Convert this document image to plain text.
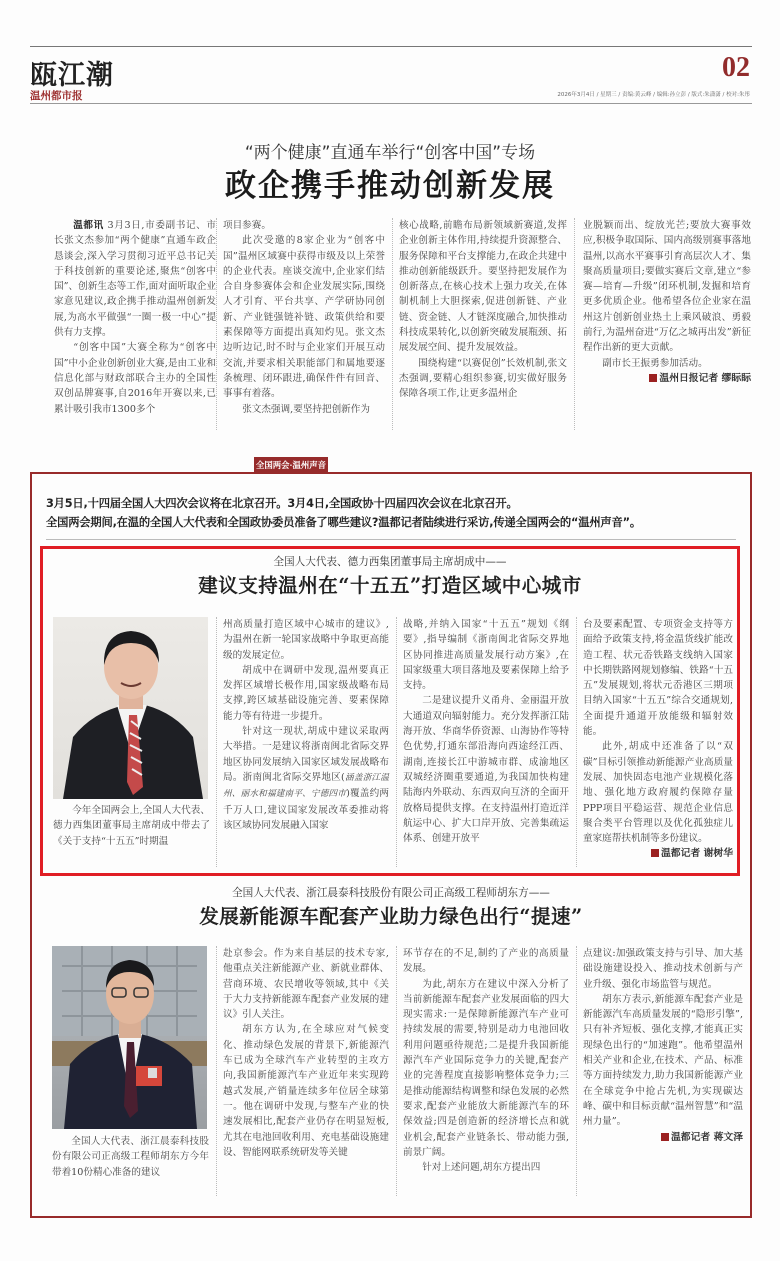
瓯江潮
温州都市报
02
2026年3月4日 / 星期三 / 责编:黄云峰 / 编辑:孙立彭 / 版式:朱潇潇 / 校对:朱彤
“两个健康”直通车举行“创客中国”专场
政企携手推动创新发展

温都讯 3月3日,市委副书记、市长张文杰参加“两个健康”直通车政企恳谈会,深入学习贯彻习近平总书记关于科技创新的重要论述,聚焦“创客中国”、创新生态等工作,面对面听取企业家意见建议,政企携手推动温州创新发展,为高水平做强“一圈一极一中心”提供有力支撑。

“创客中国”大赛全称为“创客中国”中小企业创新创业大赛,是由工业和信息化部与财政部联合主办的全国性双创品牌赛事,自2016年开赛以来,已累计吸引我市1300多个

项目参赛。

此次受邀的8家企业为“创客中国”温州区域赛中获得市级及以上荣誉的企业代表。座谈交流中,企业家们结合自身参赛体会和企业发展实际,围绕人才引育、平台共享、产学研协同创新、产业链强链补链、政策供给和要素保障等方面提出真知灼见。张文杰边听边记,时不时与企业家们开展互动交流,并要求相关职能部门和属地要逐条梳理、闭环跟进,确保件件有回音、事事有着落。

张文杰强调,要坚持把创新作为

核心战略,前瞻布局新领域新赛道,发挥企业创新主体作用,持续提升资源整合、服务保障和平台支撑能力,在政企共建中推动创新能级跃升。要坚持把发展作为创新落点,在核心技术上强力攻关,在体制机制上大胆探索,促进创新链、产业链、资金链、人才链深度融合,加快推动科技成果转化,以创新突破发展瓶颈、拓展发展空间、提升发展效益。

围绕构建“以赛促创”长效机制,张文杰强调,要精心组织参赛,切实做好服务保障各项工作,让更多温州企

业脱颖而出、绽放光芒;要放大赛事效应,积极争取国际、国内高级别赛事落地温州,以高水平赛事引育高层次人才、集聚高质量项目;要做实赛后文章,建立“参赛—培育—升级”闭环机制,发掘和培育更多优质企业。他希望各位企业家在温州这片创新创业热土上乘风破浪、勇毅前行,为温州奋进“万亿之城再出发”新征程作出新的更大贡献。

副市长王振勇参加活动。

温州日报记者 缪眎眎
全国两会·温州声音
3月5日,十四届全国人大四次会议将在北京召开。3月4日,全国政协十四届四次会议在北京召开。
全国两会期间,在温的全国人大代表和全国政协委员准备了哪些建议?温都记者陆续进行采访,传递全国两会的“温州声音”。
全国人大代表、德力西集团董事局主席胡成中——
建议支持温州在“十五五”打造区域中心城市
今年全国两会上,全国人大代表、德力西集团董事局主席胡成中带去了《关于支持“十五五”时期温

州高质量打造区域中心城市的建议》,为温州在新一轮国家战略中争取更高能级的发展定位。

胡成中在调研中发现,温州要真正发挥区域增长极作用,国家级战略布局支撑,跨区域基础设施完善、要素保障能力等有待进一步提升。

针对这一现状,胡成中建议采取两大举措。一是建议将浙南闽北省际交界地区协同发展纳入国家区域发展战略布局。浙南闽北省际交界地区(涵盖浙江温州、丽水和福建南平、宁德四市)覆盖约两千万人口,建议国家发展改革委推动将该区域协同发展融入国家

战略,并纳入国家“十五五”规划《纲要》,指导编制《浙南闽北省际交界地区协同推进高质量发展行动方案》,在国家级重大项目落地及要素保障上给予支持。

二是建议提升义甬舟、金丽温开放大通道双向辐射能力。充分发挥浙江陆海开放、华商华侨资源、山海协作等特色优势,打通东部沿海向西途经江西、湖南,连接长江中游城市群、成渝地区双城经济圈重要通道,为我国加快构建陆海内外联动、东西双向互济的全面开放格局提供支撑。在支持温州打造近洋航运中心、扩大口岸开放、完善集疏运体系、创建开放平

台及要素配置、专项资金支持等方面给予政策支持,将金温货线扩能改造工程、状元岙铁路支线纳入国家中长期铁路网规划修编、铁路“十五五”发展规划,将状元岙港区三期项目纳入国家“十五五”综合交通规划,全面提升通道开放能级和辐射效能。

此外,胡成中还准备了以“双碳”目标引领推动新能源产业高质量发展、加快固态电池产业规模化落地、强化地方政府履约保障存量PPP项目平稳运营、规范企业信息聚合类平台管理以及优化孤独症儿童家庭帮扶机制等多份建议。

温都记者 谢树华
全国人大代表、浙江晨泰科技股份有限公司正高级工程师胡东方——
发展新能源车配套产业助力绿色出行“提速”
全国人大代表、浙江晨泰科技股份有限公司正高级工程师胡东方今年带着10份精心准备的建议

赴京参会。作为来自基层的技术专家,他重点关注新能源产业、新就业群体、营商环境、农民增收等领域,其中《关于大力支持新能源车配套产业发展的建议》引人关注。

胡东方认为,在全球应对气候变化、推动绿色发展的背景下,新能源汽车已成为全球汽车产业转型的主攻方向,我国新能源汽车产业近年来实现跨越式发展,产销量连续多年位居全球第一。他在调研中发现,与整车产业的快速发展相比,配套产业仍存在明显短板,尤其在电池回收利用、充电基础设施建设、智能网联系统研发等关键

环节存在的不足,制约了产业的高质量发展。

为此,胡东方在建议中深入分析了当前新能源车配套产业发展面临的四大现实需求:一是保障新能源汽车产业可持续发展的需要,特别是动力电池回收利用问题亟待规范;二是提升我国新能源汽车产业国际竞争力的关键,配套产业的完善程度直接影响整体竞争力;三是推动能源结构调整和绿色发展的必然要求,配套产业能放大新能源汽车的环保效益;四是创造新的经济增长点和就业机会,配套产业链条长、带动能力强,前景广阔。

针对上述问题,胡东方提出四

点建议:加强政策支持与引导、加大基础设施建设投入、推动技术创新与产业升级、强化市场监管与规范。

胡东方表示,新能源车配套产业是新能源汽车高质量发展的“隐形引擎”,只有补齐短板、强化支撑,才能真正实现绿色出行的“加速跑”。他希望温州相关产业和企业,在技术、产品、标准等方面持续发力,助力我国新能源产业在全球竞争中抢占先机,为实现碳达峰、碳中和目标贡献“温州智慧”和“温州力量”。

温都记者 蒋文泽
